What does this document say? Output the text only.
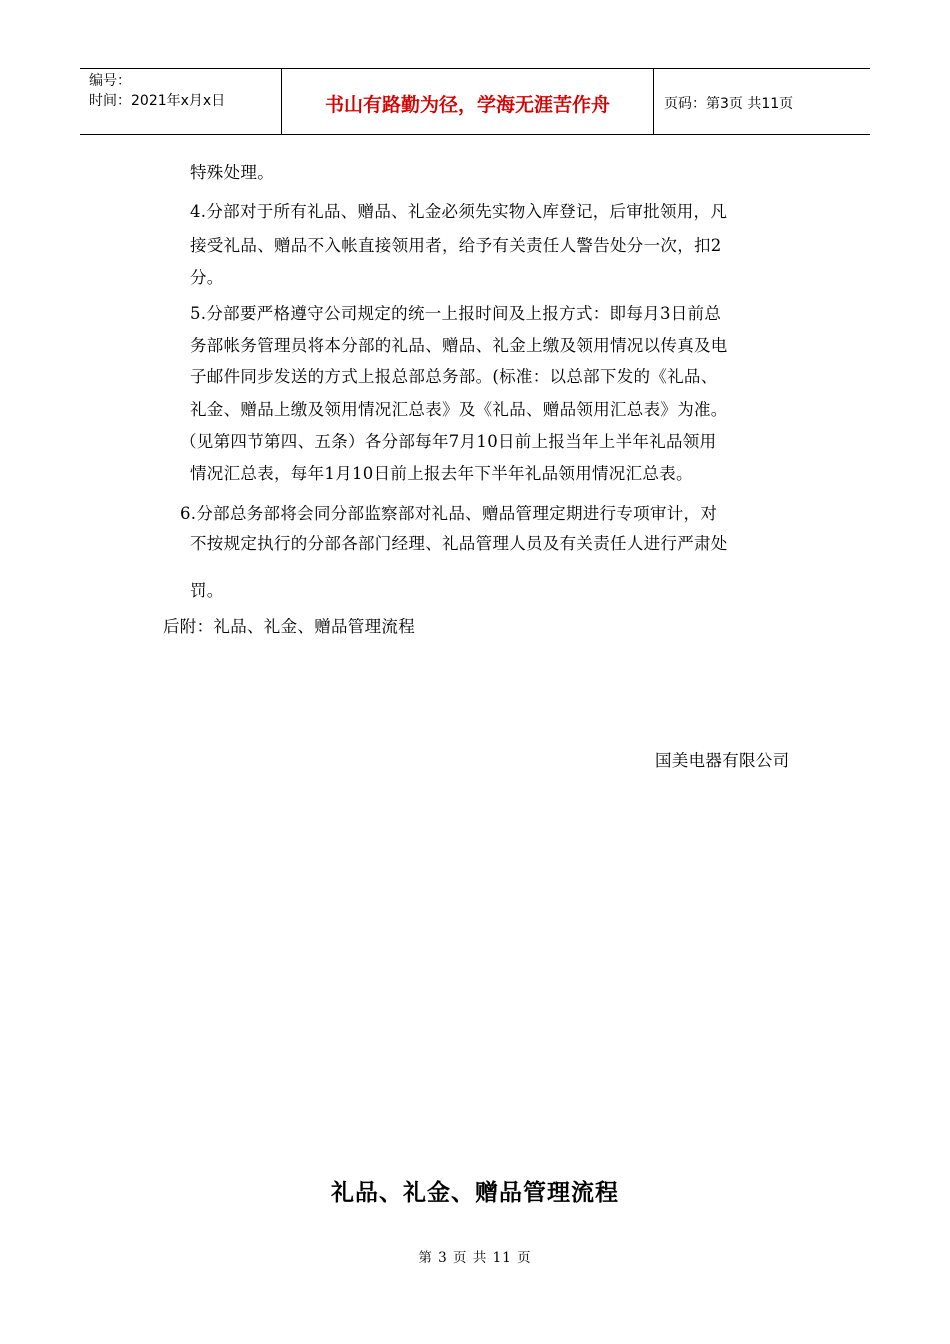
编号：
时间：2021年x月x日	书山有路勤为径，学海无涯苦作舟	页码：第3页 共11页
特殊处理。
4.分部对于所有礼品、赠品、礼金必须先实物入库登记，后审批领用，凡
接受礼品、赠品不入帐直接领用者，给予有关责任人警告处分一次，扣2
分。
5.分部要严格遵守公司规定的统一上报时间及上报方式：即每月3日前总
务部帐务管理员将本分部的礼品、赠品、礼金上缴及领用情况以传真及电
子邮件同步发送的方式上报总部总务部。(标准：以总部下发的《礼品、
礼金、赠品上缴及领用情况汇总表》及《礼品、赠品领用汇总表》为准。
（见第四节第四、五条）各分部每年7月10日前上报当年上半年礼品领用
情况汇总表，每年1月10日前上报去年下半年礼品领用情况汇总表。
6.分部总务部将会同分部监察部对礼品、赠品管理定期进行专项审计，对
不按规定执行的分部各部门经理、礼品管理人员及有关责任人进行严肃处
罚。
后附：礼品、礼金、赠品管理流程
国美电器有限公司
礼品、礼金、赠品管理流程
第 3 页 共 11 页
